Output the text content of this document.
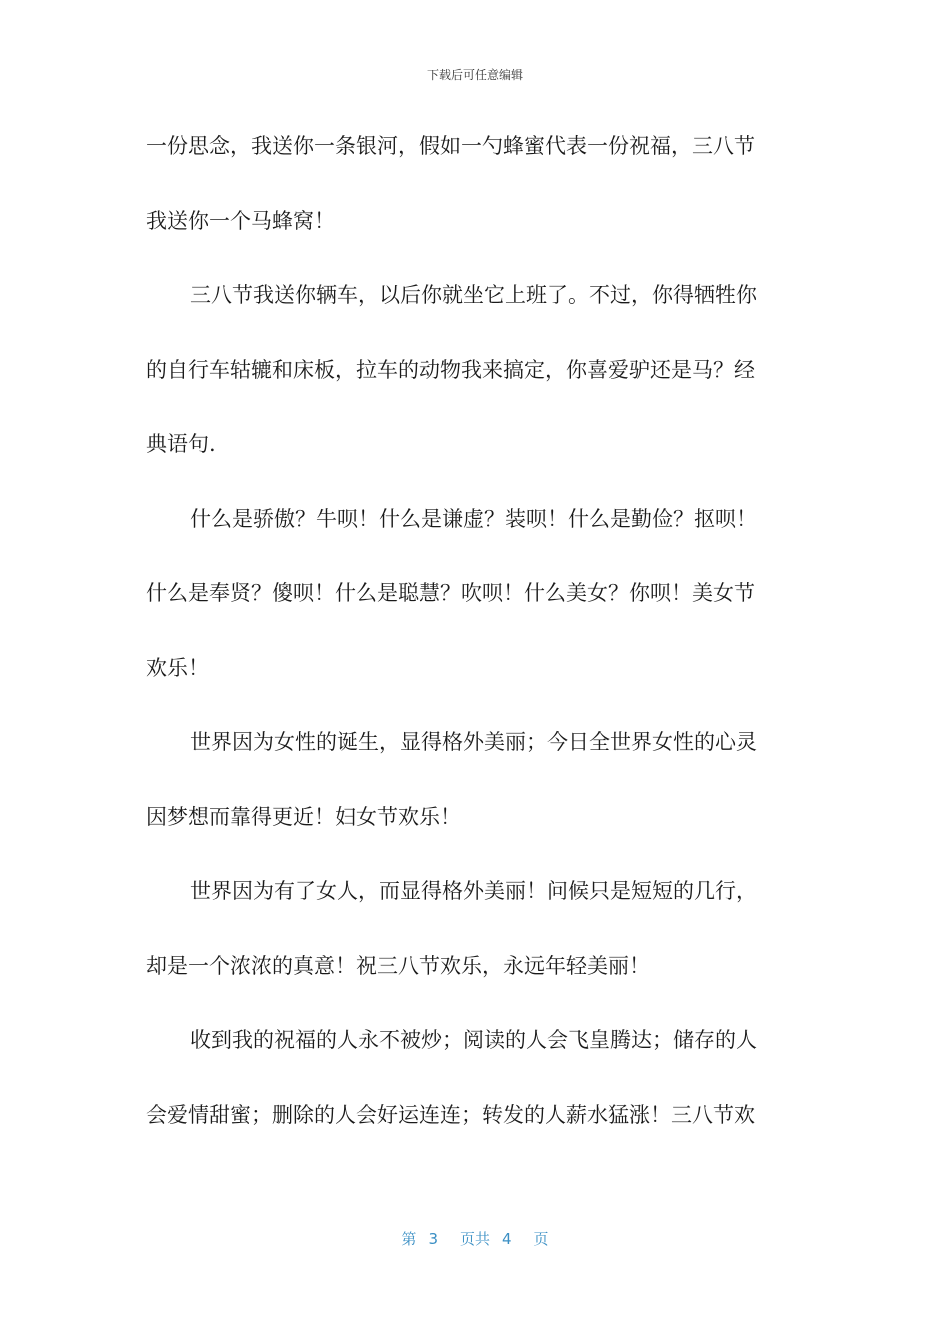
下载后可任意编辑
一份思念，我送你一条银河，假如一勺蜂蜜代表一份祝福，三八节
我送你一个马蜂窝！
三八节我送你辆车，以后你就坐它上班了。不过，你得牺牲你
的自行车轱辘和床板，拉车的动物我来搞定，你喜爱驴还是马？经
典语句.
什么是骄傲？牛呗！什么是谦虚？装呗！什么是勤俭？抠呗！
什么是奉贤？傻呗！什么是聪慧？吹呗！什么美女？你呗！美女节
欢乐！
世界因为女性的诞生，显得格外美丽；今日全世界女性的心灵
因梦想而靠得更近！妇女节欢乐！
世界因为有了女人，而显得格外美丽！问候只是短短的几行，
却是一个浓浓的真意！祝三八节欢乐，永远年轻美丽！
收到我的祝福的人永不被炒；阅读的人会飞皇腾达；储存的人
会爱情甜蜜；删除的人会好运连连；转发的人薪水猛涨！三八节欢
第 3 页共 4 页
